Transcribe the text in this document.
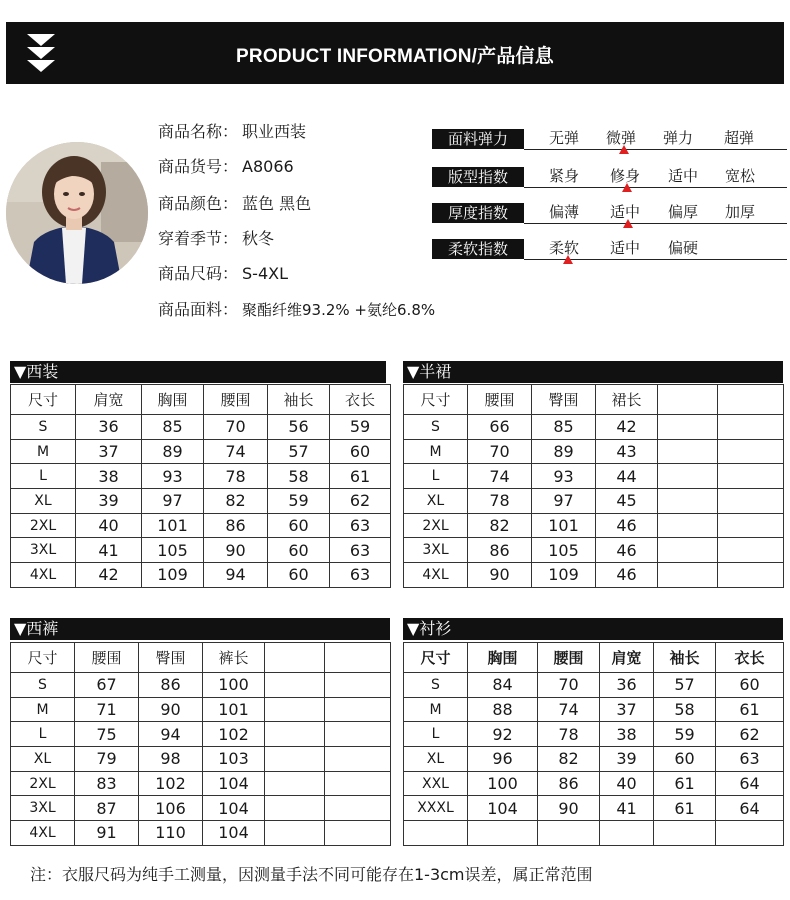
PRODUCT INFORMATION/产品信息
商品名称： 职业西装
商品货号： A8066
商品颜色： 蓝色 黑色
穿着季节： 秋冬
商品尺码： S-4XL
商品面料： 聚酯纤维93.2% +氨纶6.8%
面料弹力	无弹 微弹 弹力 超弹
版型指数	紧身 修身 适中 宽松
厚度指数	偏薄 适中 偏厚 加厚
柔软指数	柔软 适中 偏硬
▼西装
尺寸	肩宽	胸围	腰围	袖长	衣长
S	36	85	70	56	59
M	37	89	74	57	60
L	38	93	78	58	61
XL	39	97	82	59	62
2XL	40	101	86	60	63
3XL	41	105	90	60	63
4XL	42	109	94	60	63
▼半裙
尺寸	腰围	臀围	裙长		
S	66	85	42		
M	70	89	43		
L	74	93	44		
XL	78	97	45		
2XL	82	101	46		
3XL	86	105	46		
4XL	90	109	46		
▼西裤
尺寸	腰围	臀围	裤长		
S	67	86	100		
M	71	90	101		
L	75	94	102		
XL	79	98	103		
2XL	83	102	104		
3XL	87	106	104		
4XL	91	110	104		
▼衬衫
尺寸	胸围	腰围	肩宽	袖长	衣长
S	84	70	36	57	60
M	88	74	37	58	61
L	92	78	38	59	62
XL	96	82	39	60	63
XXL	100	86	40	61	64
XXXL	104	90	41	61	64

注：衣服尺码为纯手工测量，因测量手法不同可能存在1-3cm误差，属正常范围
